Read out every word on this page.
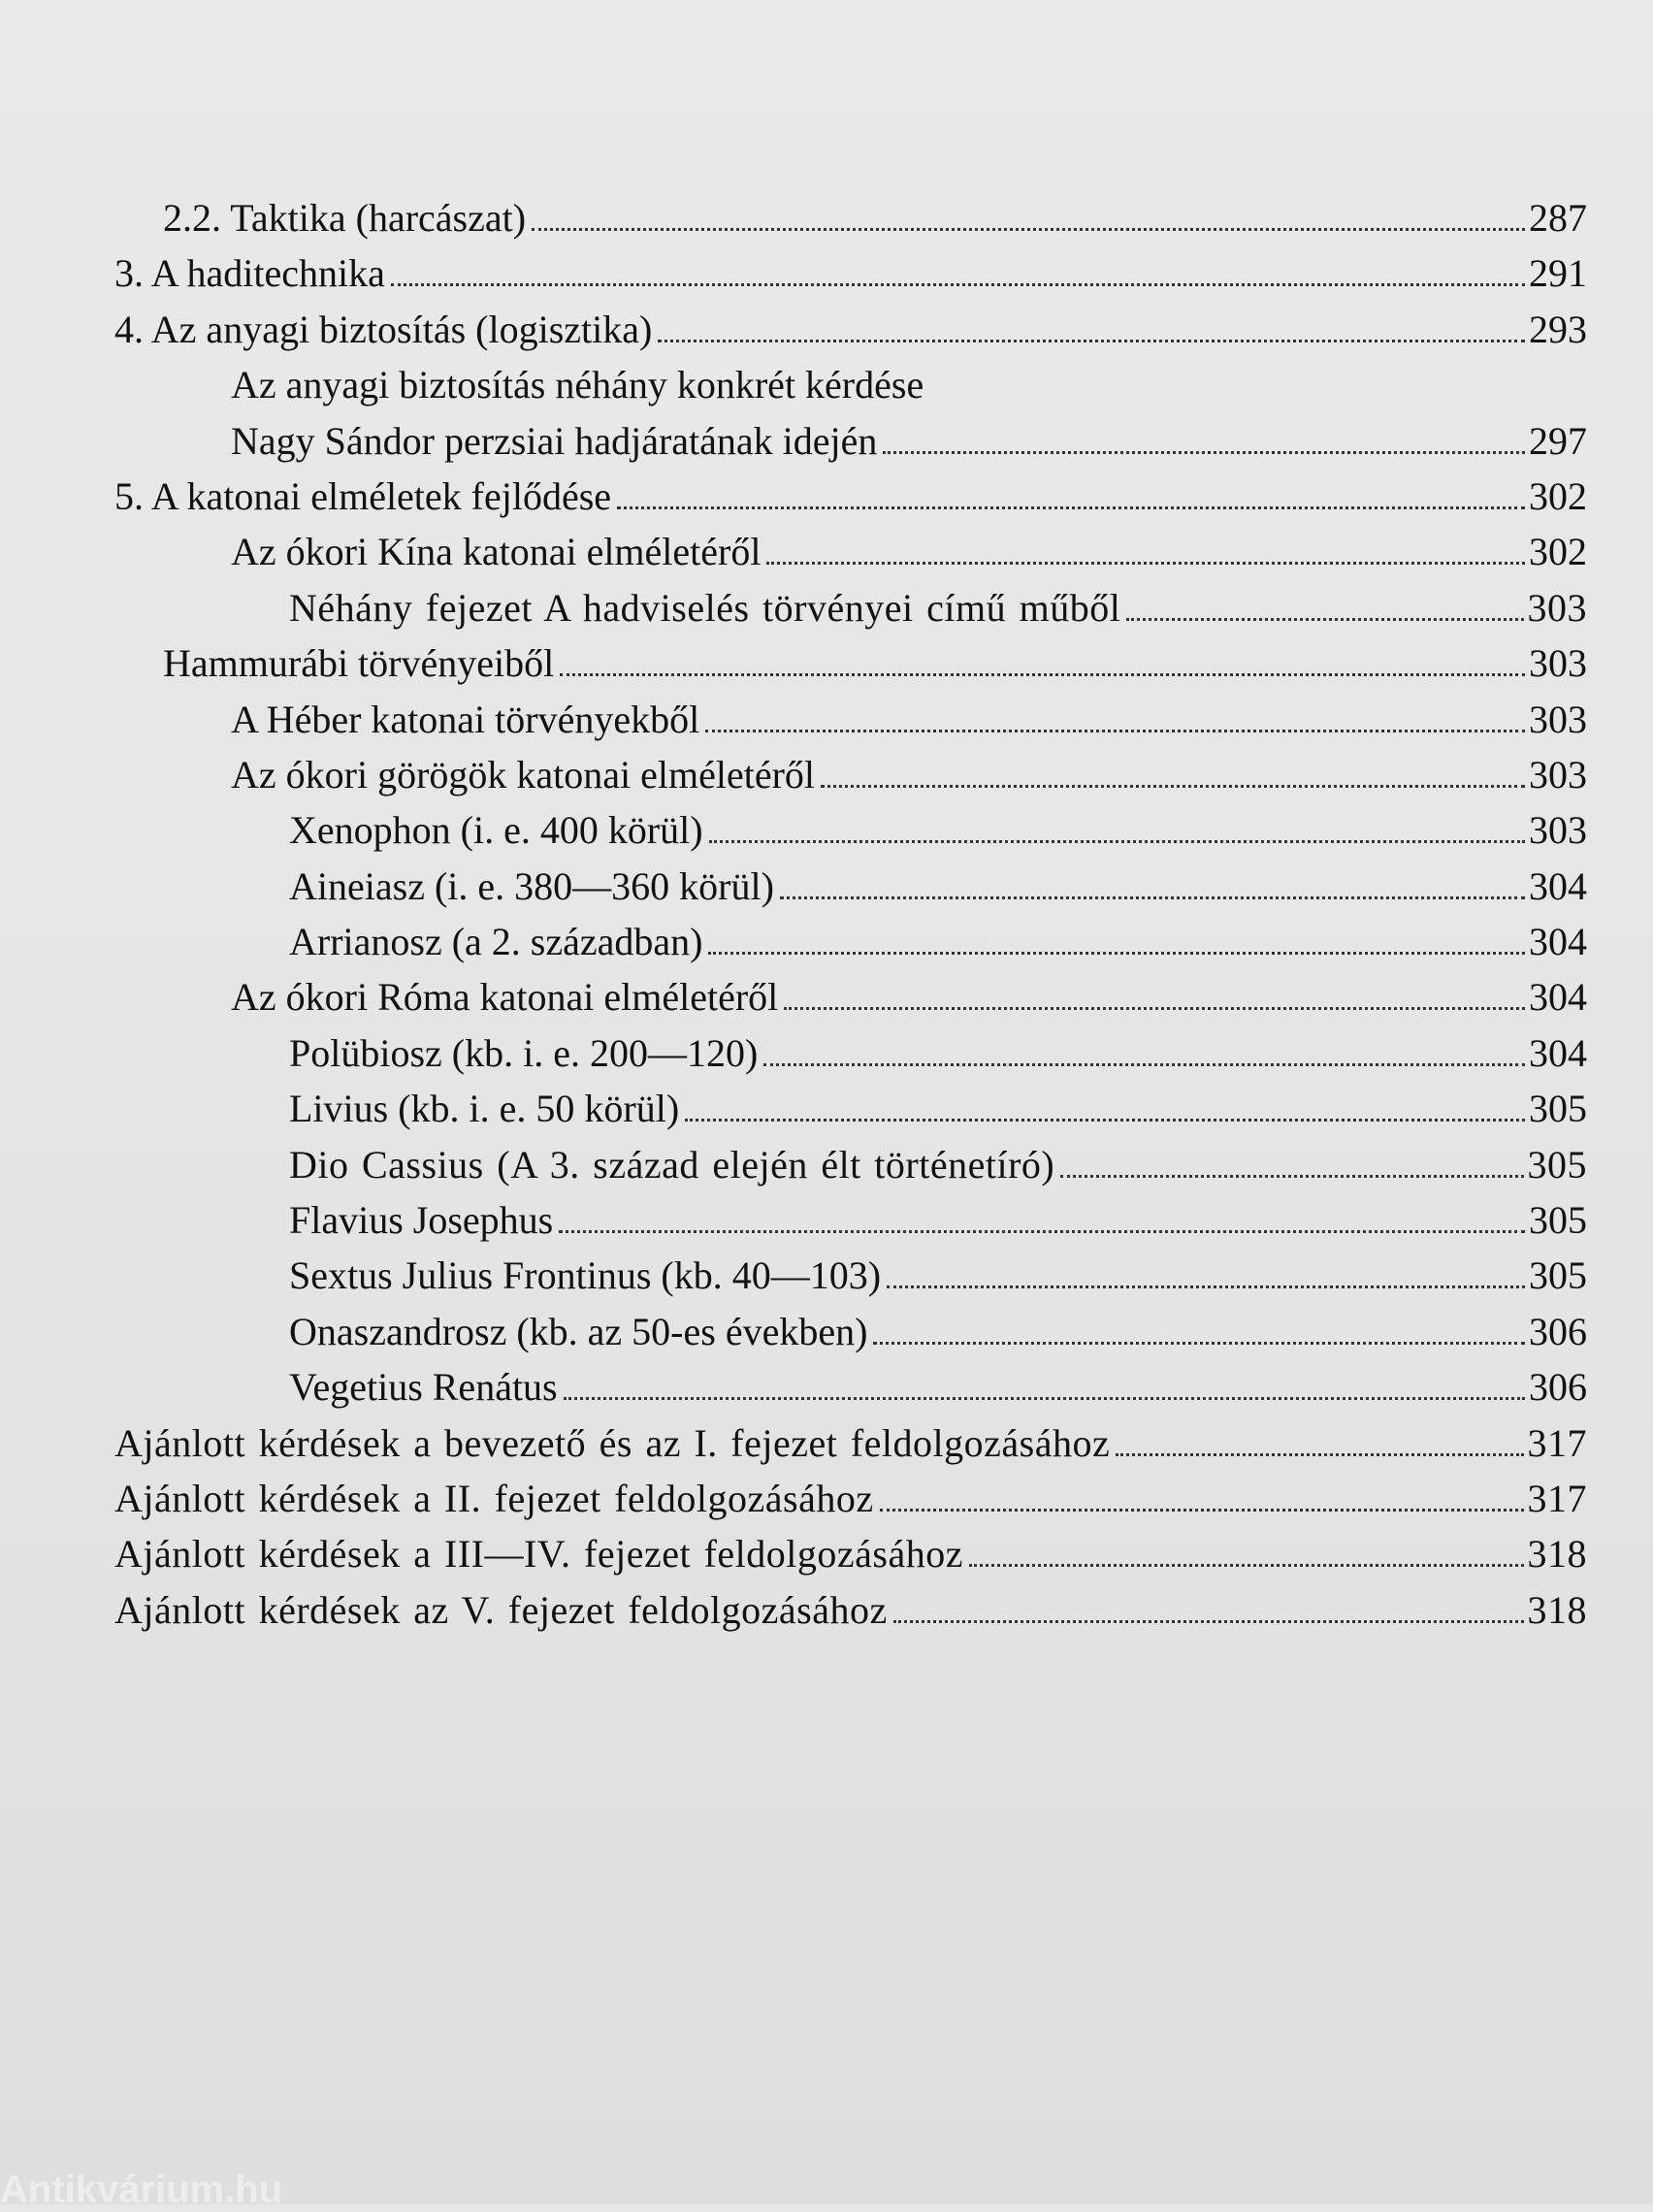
2.2. Taktika (harcászat)	287
3. A haditechnika	291
4. Az anyagi biztosítás (logisztika)	293
Az anyagi biztosítás néhány konkrét kérdése
Nagy Sándor perzsiai hadjáratának idején	297
5. A katonai elméletek fejlődése	302
Az ókori Kína katonai elméletéről	302
Néhány fejezet A hadviselés törvényei című műből	303
Hammurábi törvényeiből	303
A Héber katonai törvényekből	303
Az ókori görögök katonai elméletéről	303
Xenophon (i. e. 400 körül)	303
Aineiasz (i. e. 380—360 körül)	304
Arrianosz (a 2. században)	304
Az ókori Róma katonai elméletéről	304
Polübiosz (kb. i. e. 200—120)	304
Livius (kb. i. e. 50 körül)	305
Dio Cassius (A 3. század elején élt történetíró)	305
Flavius Josephus	305
Sextus Julius Frontinus (kb. 40—103)	305
Onaszandrosz (kb. az 50-es években)	306
Vegetius Renátus	306
Ajánlott kérdések a bevezető és az I. fejezet feldolgozásához	317
Ajánlott kérdések a II. fejezet feldolgozásához	317
Ajánlott kérdések a III—IV. fejezet feldolgozásához	318
Ajánlott kérdések az V. fejezet feldolgozásához	318
Antikvárium.hu
